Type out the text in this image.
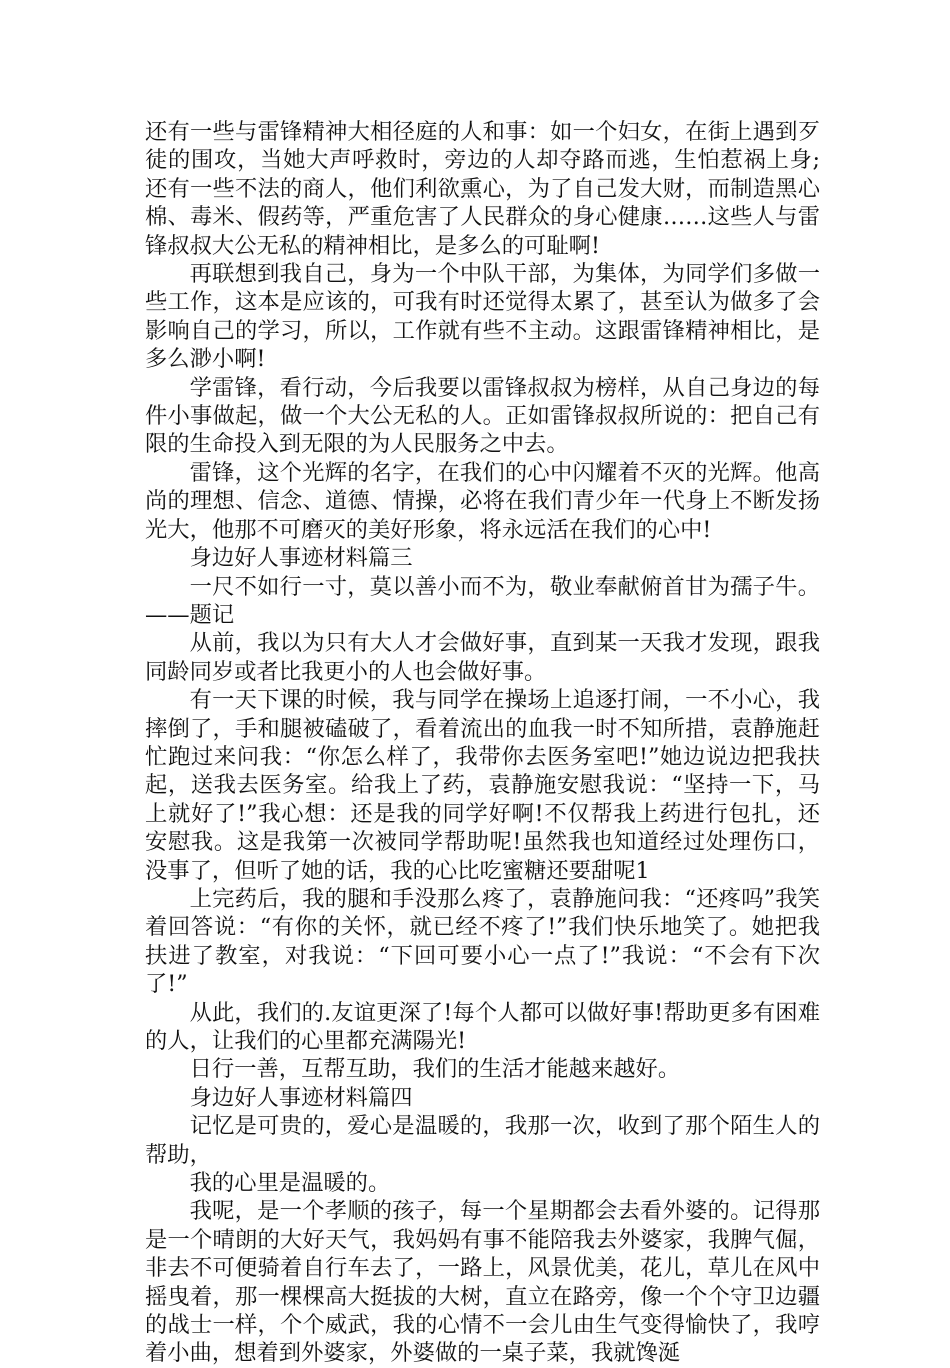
还有一些与雷锋精神大相径庭的人和事：如一个妇女，在街上遇到歹徒的围攻，当她大声呼救时，旁边的人却夺路而逃，生怕惹祸上身;还有一些不法的商人，他们利欲熏心，为了自己发大财，而制造黑心棉、毒米、假药等，严重危害了人民群众的身心健康……这些人与雷锋叔叔大公无私的精神相比，是多么的可耻啊!

再联想到我自己，身为一个中队干部，为集体，为同学们多做一些工作，这本是应该的，可我有时还觉得太累了，甚至认为做多了会影响自己的学习，所以，工作就有些不主动。这跟雷锋精神相比，是多么渺小啊!

学雷锋，看行动，今后我要以雷锋叔叔为榜样，从自己身边的每件小事做起，做一个大公无私的人。正如雷锋叔叔所说的：把自己有限的生命投入到无限的为人民服务之中去。

雷锋，这个光辉的名字，在我们的心中闪耀着不灭的光辉。他高尚的理想、信念、道德、情操，必将在我们青少年一代身上不断发扬光大，他那不可磨灭的美好形象，将永远活在我们的心中!

身边好人事迹材料篇三

一尺不如行一寸，莫以善小而不为，敬业奉献俯首甘为孺子牛。——题记

从前，我以为只有大人才会做好事，直到某一天我才发现，跟我同龄同岁或者比我更小的人也会做好事。

有一天下课的时候，我与同学在操场上追逐打闹，一不小心，我摔倒了，手和腿被磕破了，看着流出的血我一时不知所措，袁静施赶忙跑过来问我：“你怎么样了，我带你去医务室吧!”她边说边把我扶起，送我去医务室。给我上了药，袁静施安慰我说：“坚持一下，马上就好了!”我心想：还是我的同学好啊!不仅帮我上药进行包扎，还安慰我。这是我第一次被同学帮助呢!虽然我也知道经过处理伤口，没事了，但听了她的话，我的心比吃蜜糖还要甜呢1

上完药后，我的腿和手没那么疼了，袁静施问我：“还疼吗”我笑着回答说：“有你的关怀，就已经不疼了!”我们快乐地笑了。她把我扶进了教室，对我说：“下回可要小心一点了!”我说：“不会有下次了!”

从此，我们的.友谊更深了!每个人都可以做好事!帮助更多有困难的人，让我们的心里都充满陽光!

日行一善，互帮互助，我们的生活才能越来越好。

身边好人事迹材料篇四

记忆是可贵的，爱心是温暖的，我那一次，收到了那个陌生人的帮助，

我的心里是温暖的。

我呢，是一个孝顺的孩子，每一个星期都会去看外婆的。记得那是一个晴朗的大好天气，我妈妈有事不能陪我去外婆家，我脾气倔，非去不可便骑着自行车去了，一路上，风景优美，花儿，草儿在风中摇曳着，那一棵棵高大挺拔的大树，直立在路旁，像一个个守卫边疆的战士一样，个个威武，我的心情不一会儿由生气变得愉快了，我哼着小曲，想着到外婆家，外婆做的一桌子菜，我就馋涎
